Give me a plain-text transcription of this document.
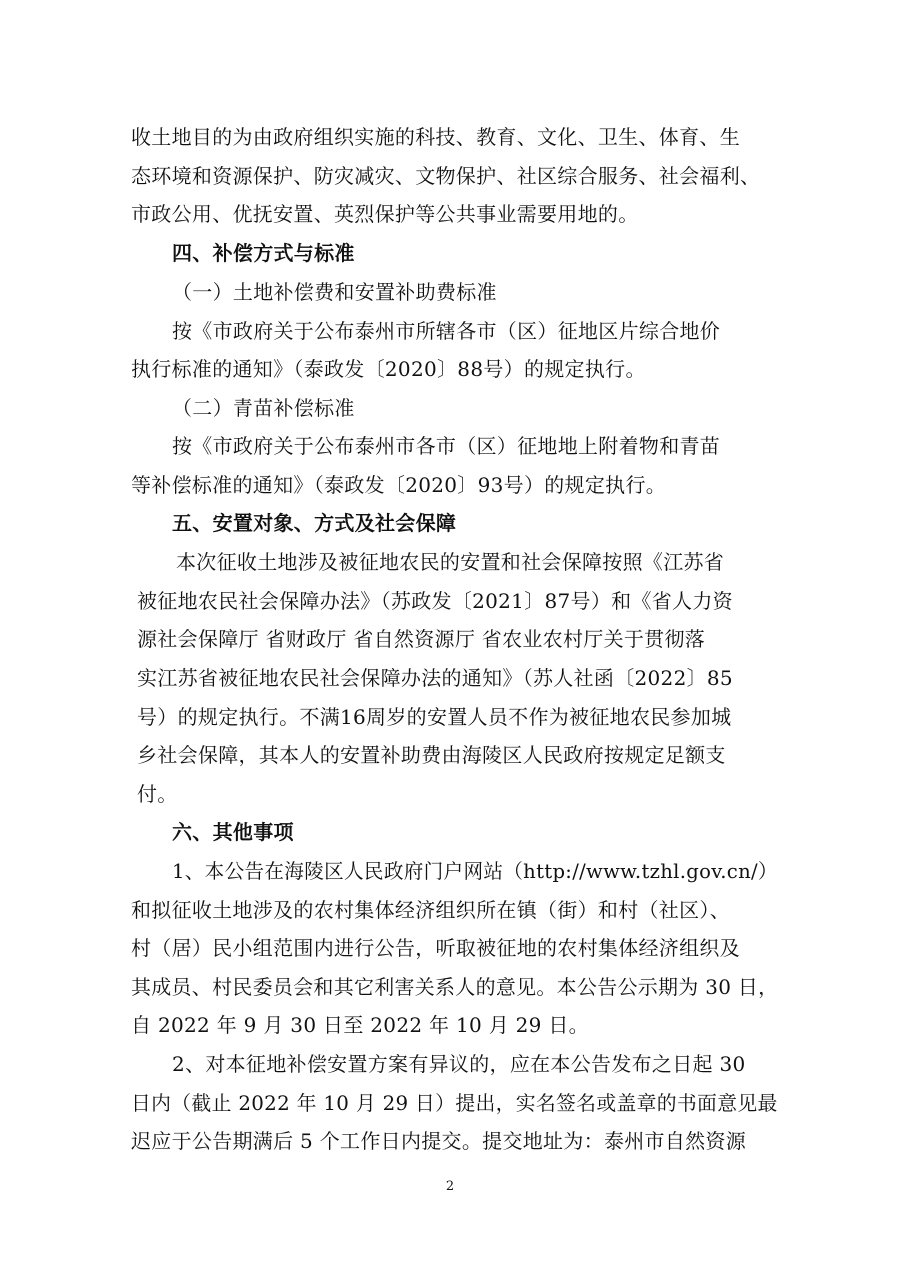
收土地目的为由政府组织实施的科技、教育、文化、卫生、体育、生
态环境和资源保护、防灾减灾、文物保护、社区综合服务、社会福利、
市政公用、优抚安置、英烈保护等公共事业需要用地的。
四、补偿方式与标准
（一）土地补偿费和安置补助费标准
按《市政府关于公布泰州市所辖各市（区）征地区片综合地价
执行标准的通知》（泰政发〔2020〕88号）的规定执行。
（二）青苗补偿标准
按《市政府关于公布泰州市各市（区）征地地上附着物和青苗
等补偿标准的通知》（泰政发〔2020〕93号）的规定执行。
五、安置对象、方式及社会保障
本次征收土地涉及被征地农民的安置和社会保障按照《江苏省
被征地农民社会保障办法》（苏政发〔2021〕87号）和《省人力资
源社会保障厅 省财政厅 省自然资源厅 省农业农村厅关于贯彻落
实江苏省被征地农民社会保障办法的通知》（苏人社函〔2022〕85
号）的规定执行。不满16周岁的安置人员不作为被征地农民参加城
乡社会保障，其本人的安置补助费由海陵区人民政府按规定足额支
付。
六、其他事项
1、本公告在海陵区人民政府门户网站（http://www.tzhl.gov.cn/）
和拟征收土地涉及的农村集体经济组织所在镇（街）和村（社区）、
村（居）民小组范围内进行公告，听取被征地的农村集体经济组织及
其成员、村民委员会和其它利害关系人的意见。本公告公示期为 30 日，
自 2022 年 9 月 30 日至 2022 年 10 月 29 日。
2、对本征地补偿安置方案有异议的，应在本公告发布之日起 30
日内（截止 2022 年 10 月 29 日）提出，实名签名或盖章的书面意见最
迟应于公告期满后 5 个工作日内提交。提交地址为：泰州市自然资源
2
